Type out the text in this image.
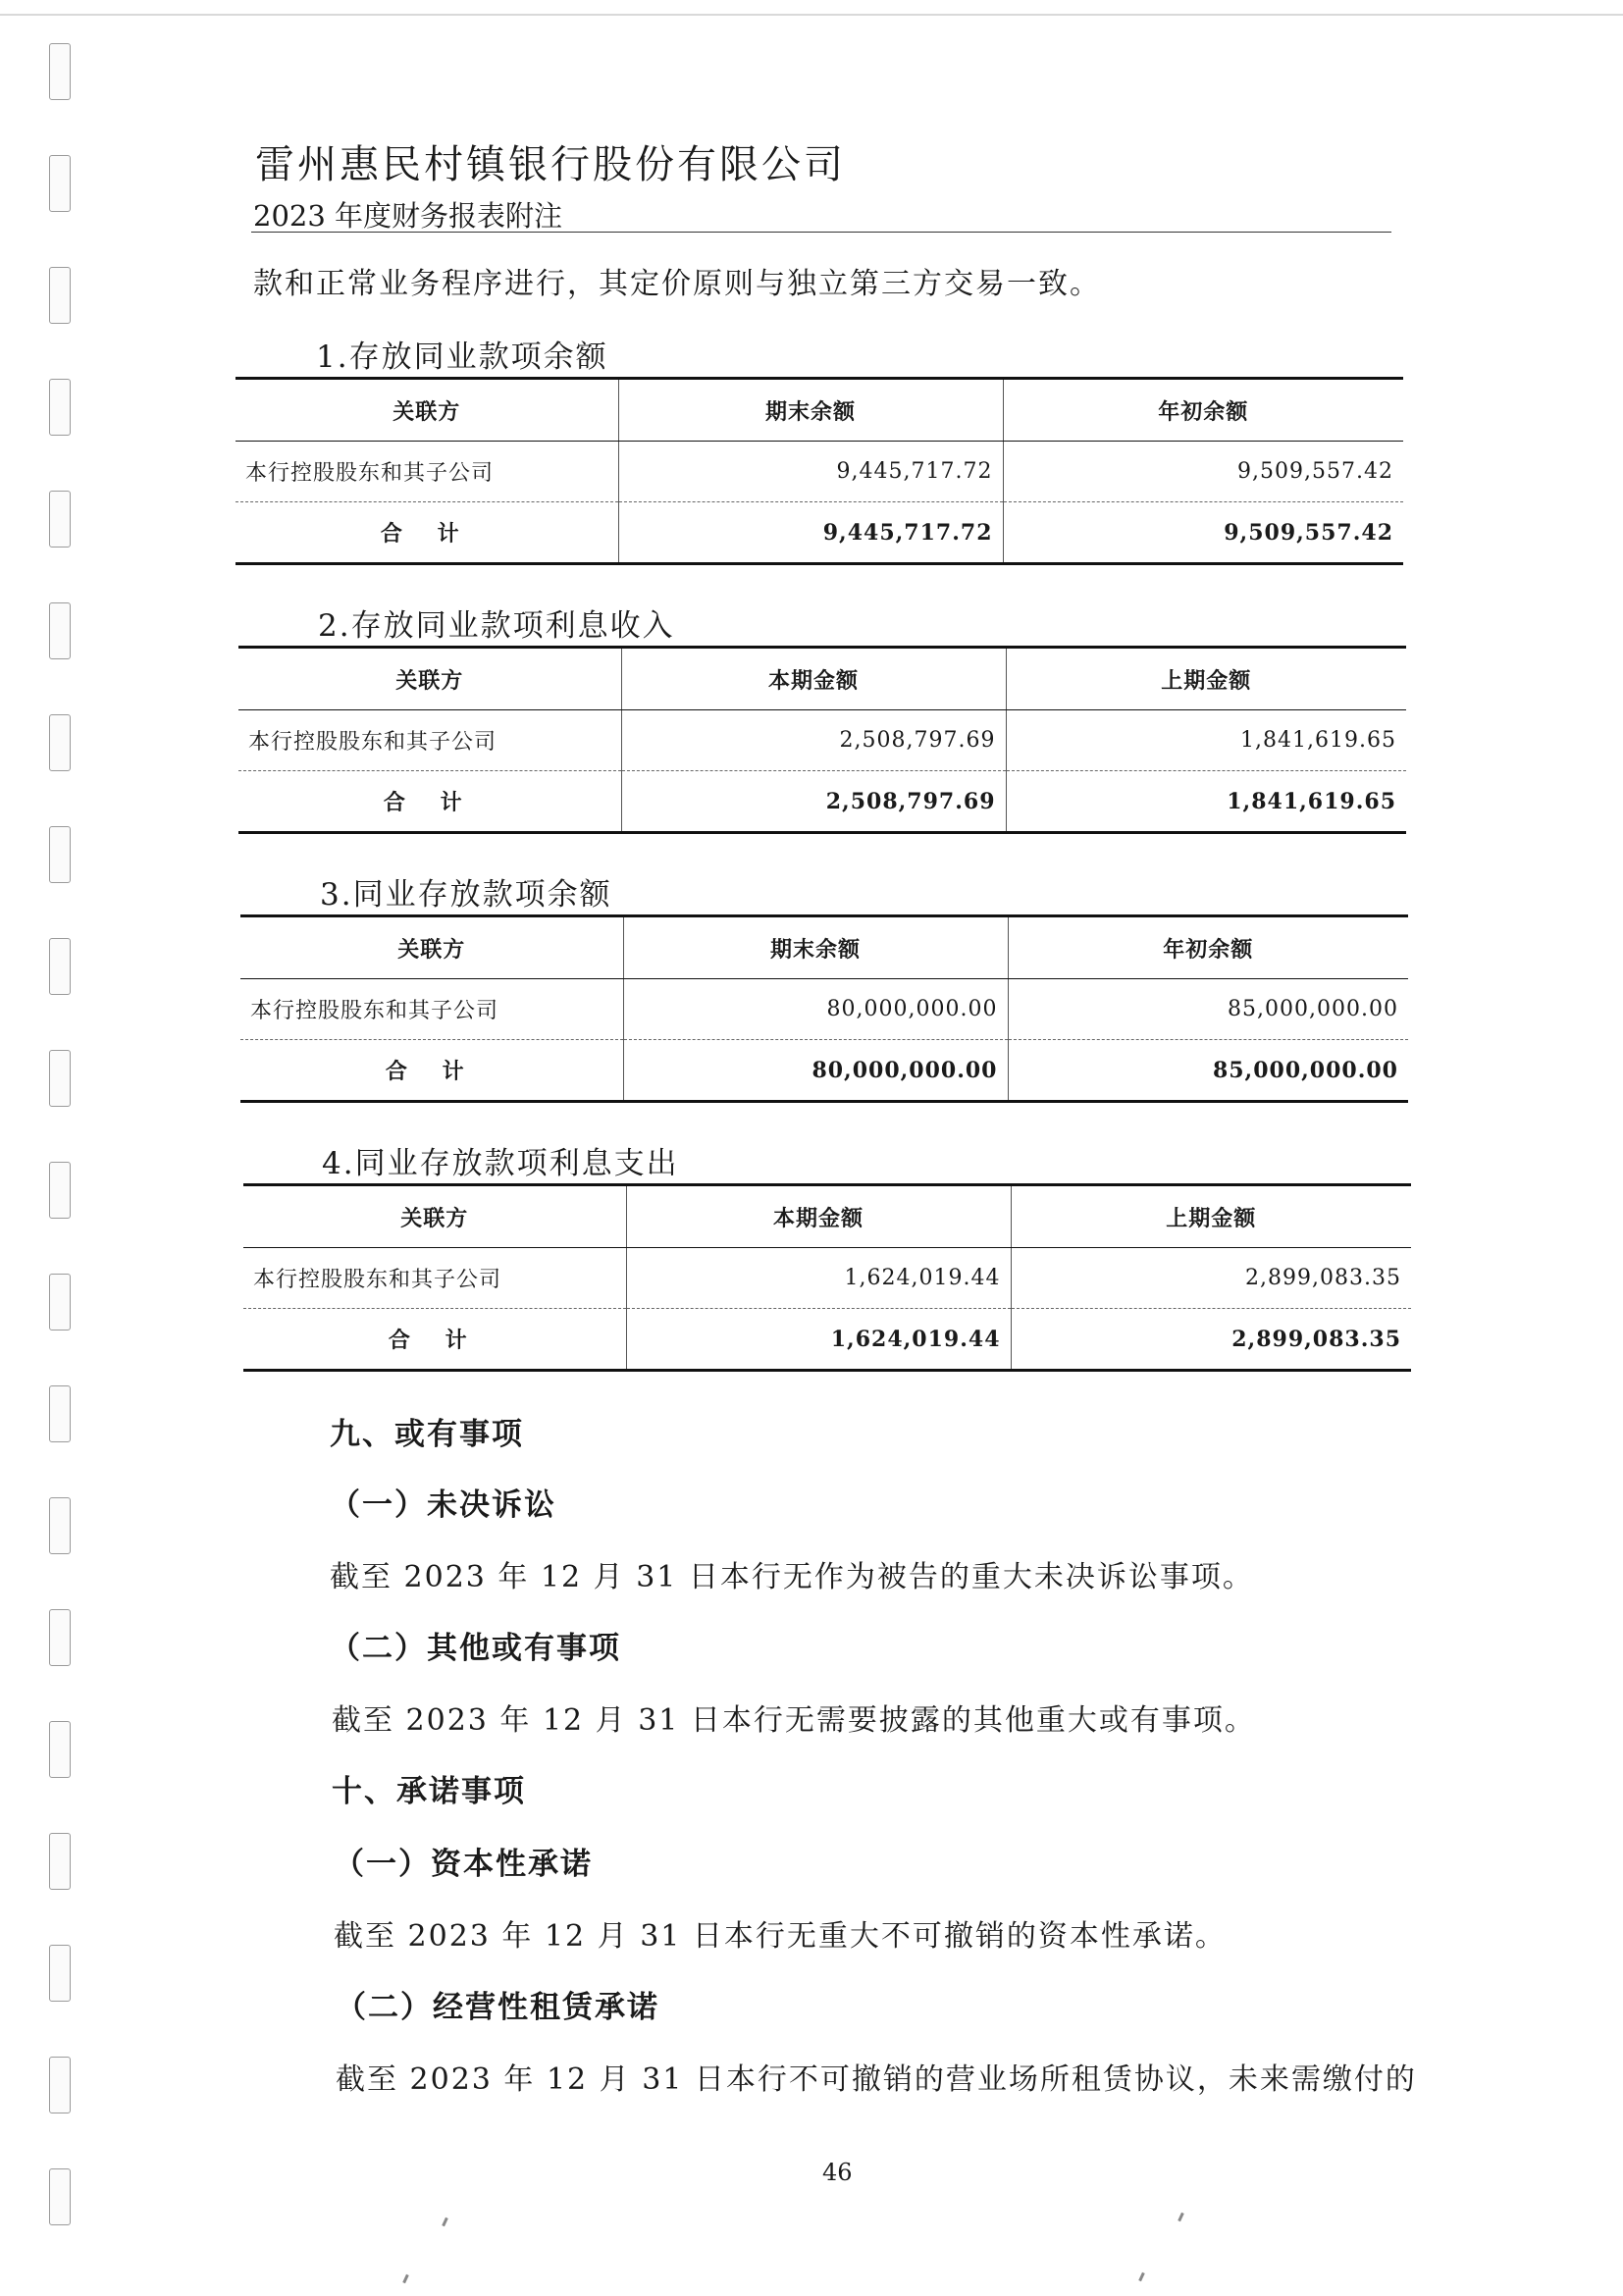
雷州惠民村镇银行股份有限公司
2023 年度财务报表附注
款和正常业务程序进行，其定价原则与独立第三方交易一致。
1.存放同业款项余额
关联方	期末余额	年初余额
本行控股股东和其子公司	9,445,717.72	9,509,557.42
合 计	9,445,717.72	9,509,557.42
2.存放同业款项利息收入
关联方	本期金额	上期金额
本行控股股东和其子公司	2,508,797.69	1,841,619.65
合 计	2,508,797.69	1,841,619.65
3.同业存放款项余额
关联方	期末余额	年初余额
本行控股股东和其子公司	80,000,000.00	85,000,000.00
合 计	80,000,000.00	85,000,000.00
4.同业存放款项利息支出
关联方	本期金额	上期金额
本行控股股东和其子公司	1,624,019.44	2,899,083.35
合 计	1,624,019.44	2,899,083.35
九、或有事项
（一）未决诉讼
截至 2023 年 12 月 31 日本行无作为被告的重大未决诉讼事项。
（二）其他或有事项
截至 2023 年 12 月 31 日本行无需要披露的其他重大或有事项。
十、承诺事项
（一）资本性承诺
截至 2023 年 12 月 31 日本行无重大不可撤销的资本性承诺。
（二）经营性租赁承诺
截至 2023 年 12 月 31 日本行不可撤销的营业场所租赁协议，未来需缴付的
46
